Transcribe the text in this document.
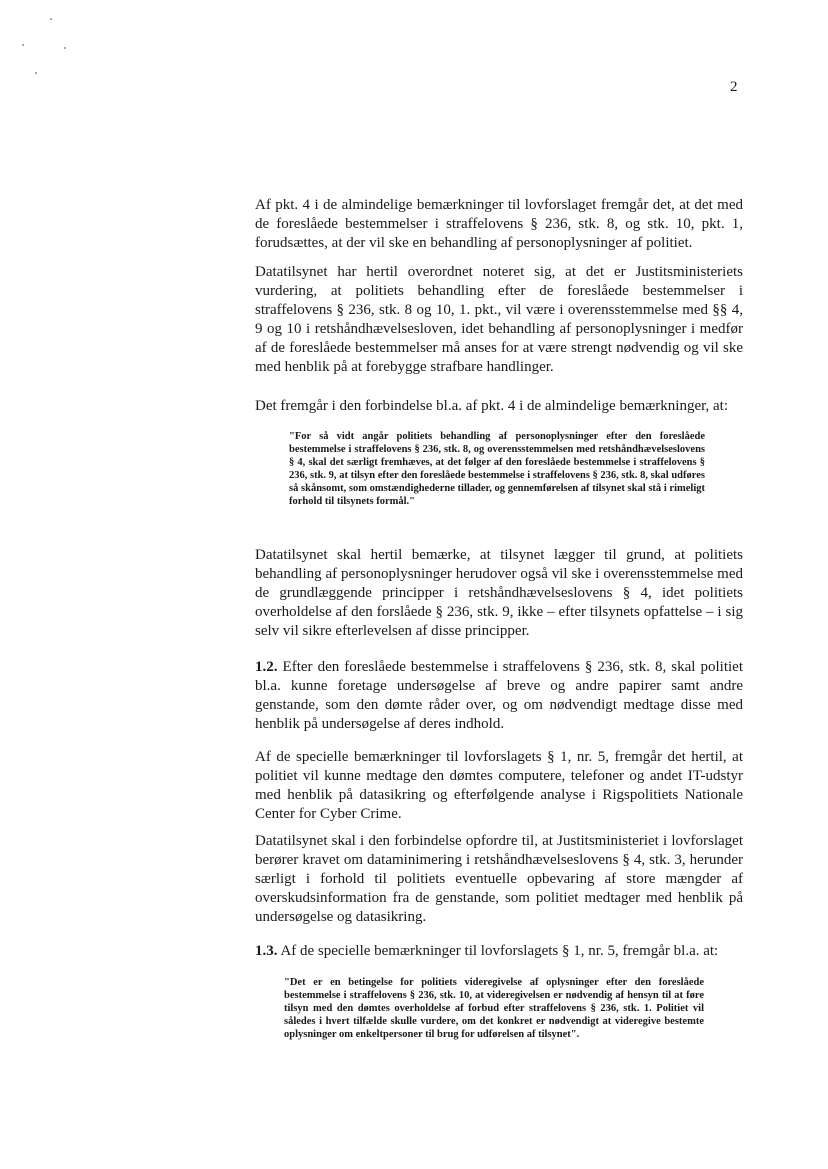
2

Af pkt. 4 i de almindelige bemærkninger til lovforslaget fremgår det, at det med de foreslåede bestemmelser i straffelovens § 236, stk. 8, og stk. 10, pkt. 1, forudsættes, at der vil ske en behandling af personoplysninger af politiet.

Datatilsynet har hertil overordnet noteret sig, at det er Justitsministeriets vurdering, at politiets behandling efter de foreslåede bestemmelser i straffelovens § 236, stk. 8 og 10, 1. pkt., vil være i overensstemmelse med §§ 4, 9 og 10 i retshåndhævelsesloven, idet behandling af personoplysninger i medfør af de foreslåede bestemmelser må anses for at være strengt nødvendig og vil ske med henblik på at forebygge strafbare handlinger.

Det fremgår i den forbindelse bl.a. af pkt. 4 i de almindelige bemærkninger, at:

"For så vidt angår politiets behandling af personoplysninger efter den foreslåede bestemmelse i straffelovens § 236, stk. 8, og overensstemmelsen med retshåndhævelseslovens § 4, skal det særligt fremhæves, at det følger af den foreslåede bestemmelse i straffelovens § 236, stk. 9, at tilsyn efter den foreslåede bestemmelse i straffelovens § 236, stk. 8, skal udføres så skånsomt, som omstændighederne tillader, og gennemførelsen af tilsynet skal stå i rimeligt forhold til tilsynets formål."

Datatilsynet skal hertil bemærke, at tilsynet lægger til grund, at politiets behandling af personoplysninger herudover også vil ske i overensstemmelse med de grundlæggende principper i retshåndhævelseslovens § 4, idet politiets overholdelse af den forslåede § 236, stk. 9, ikke – efter tilsynets opfattelse – i sig selv vil sikre efterlevelsen af disse principper.

1.2. Efter den foreslåede bestemmelse i straffelovens § 236, stk. 8, skal politiet bl.a. kunne foretage undersøgelse af breve og andre papirer samt andre genstande, som den dømte råder over, og om nødvendigt medtage disse med henblik på undersøgelse af deres indhold.

Af de specielle bemærkninger til lovforslagets § 1, nr. 5, fremgår det hertil, at politiet vil kunne medtage den dømtes computere, telefoner og andet IT-udstyr med henblik på datasikring og efterfølgende analyse i Rigspolitiets Nationale Center for Cyber Crime.

Datatilsynet skal i den forbindelse opfordre til, at Justitsministeriet i lovforslaget berører kravet om dataminimering i retshåndhævelseslovens § 4, stk. 3, herunder særligt i forhold til politiets eventuelle opbevaring af store mængder af overskudsinformation fra de genstande, som politiet medtager med henblik på undersøgelse og datasikring.

1.3. Af de specielle bemærkninger til lovforslagets § 1, nr. 5, fremgår bl.a. at:

"Det er en betingelse for politiets videregivelse af oplysninger efter den foreslåede bestemmelse i straffelovens § 236, stk. 10, at videregivelsen er nødvendig af hensyn til at føre tilsyn med den dømtes overholdelse af forbud efter straffelovens § 236, stk. 1. Politiet vil således i hvert tilfælde skulle vurdere, om det konkret er nødvendigt at videregive bestemte oplysninger om enkeltpersoner til brug for udførelsen af tilsynet".
